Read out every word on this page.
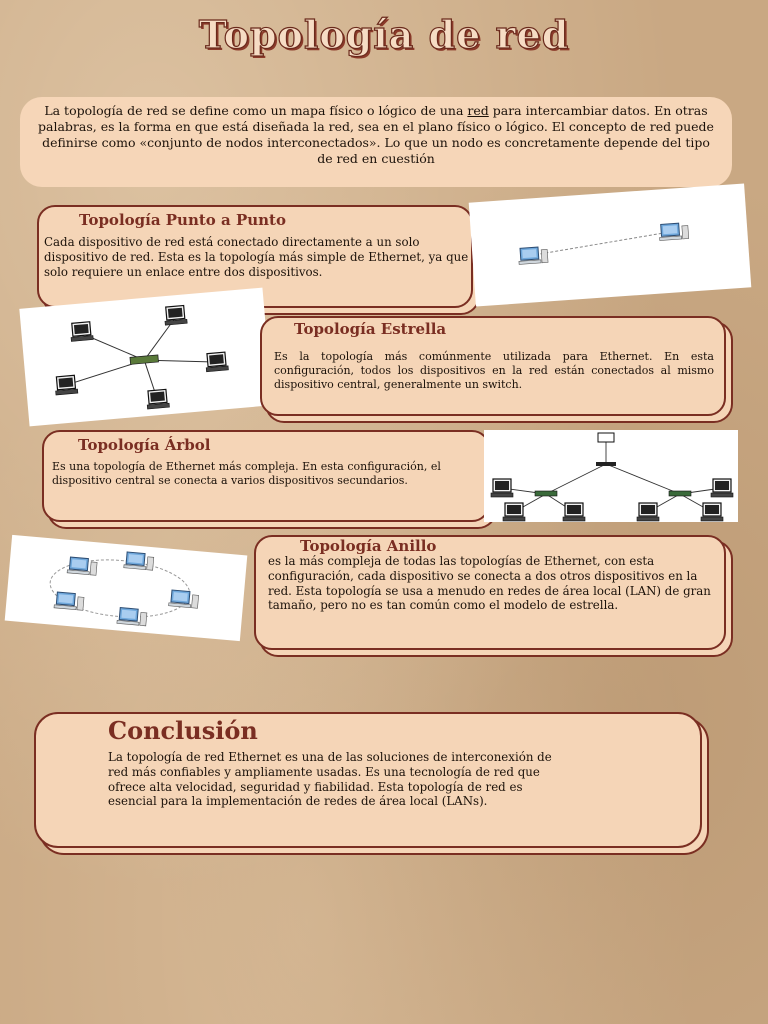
Topología de red
La topología de red se define como un mapa físico o lógico de una red para intercambiar datos. En otras palabras, es la forma en que está diseñada la red, sea en el plano físico o lógico. El concepto de red puede definirse como «conjunto de nodos interconectados». Lo que un nodo es concretamente depende del tipo de red en cuestión
Topología Punto a Punto

Cada dispositivo de red está conectado directamente a un solo dispositivo de red. Esta es la topología más simple de Ethernet, ya que solo requiere un enlace entre dos dispositivos.

Topología Estrella

Es la topología más comúnmente utilizada para Ethernet. En esta configuración, todos los dispositivos en la red están conectados al mismo dispositivo central, generalmente un switch.

Topología Árbol

Es una topología de Ethernet más compleja. En esta configuración, el dispositivo central se conecta a varios dispositivos secundarios.

Topología Anillo

es la más compleja de todas las topologías de Ethernet, con esta configuración, cada dispositivo se conecta a dos otros dispositivos en la red. Esta topología se usa a menudo en redes de área local (LAN) de gran tamaño, pero no es tan común como el modelo de estrella.

Conclusión

La topología de red Ethernet es una de las soluciones de interconexión de red más confiables y ampliamente usadas. Es una tecnología de red que ofrece alta velocidad, seguridad y fiabilidad. Esta topología de red es esencial para la implementación de redes de área local (LANs).
